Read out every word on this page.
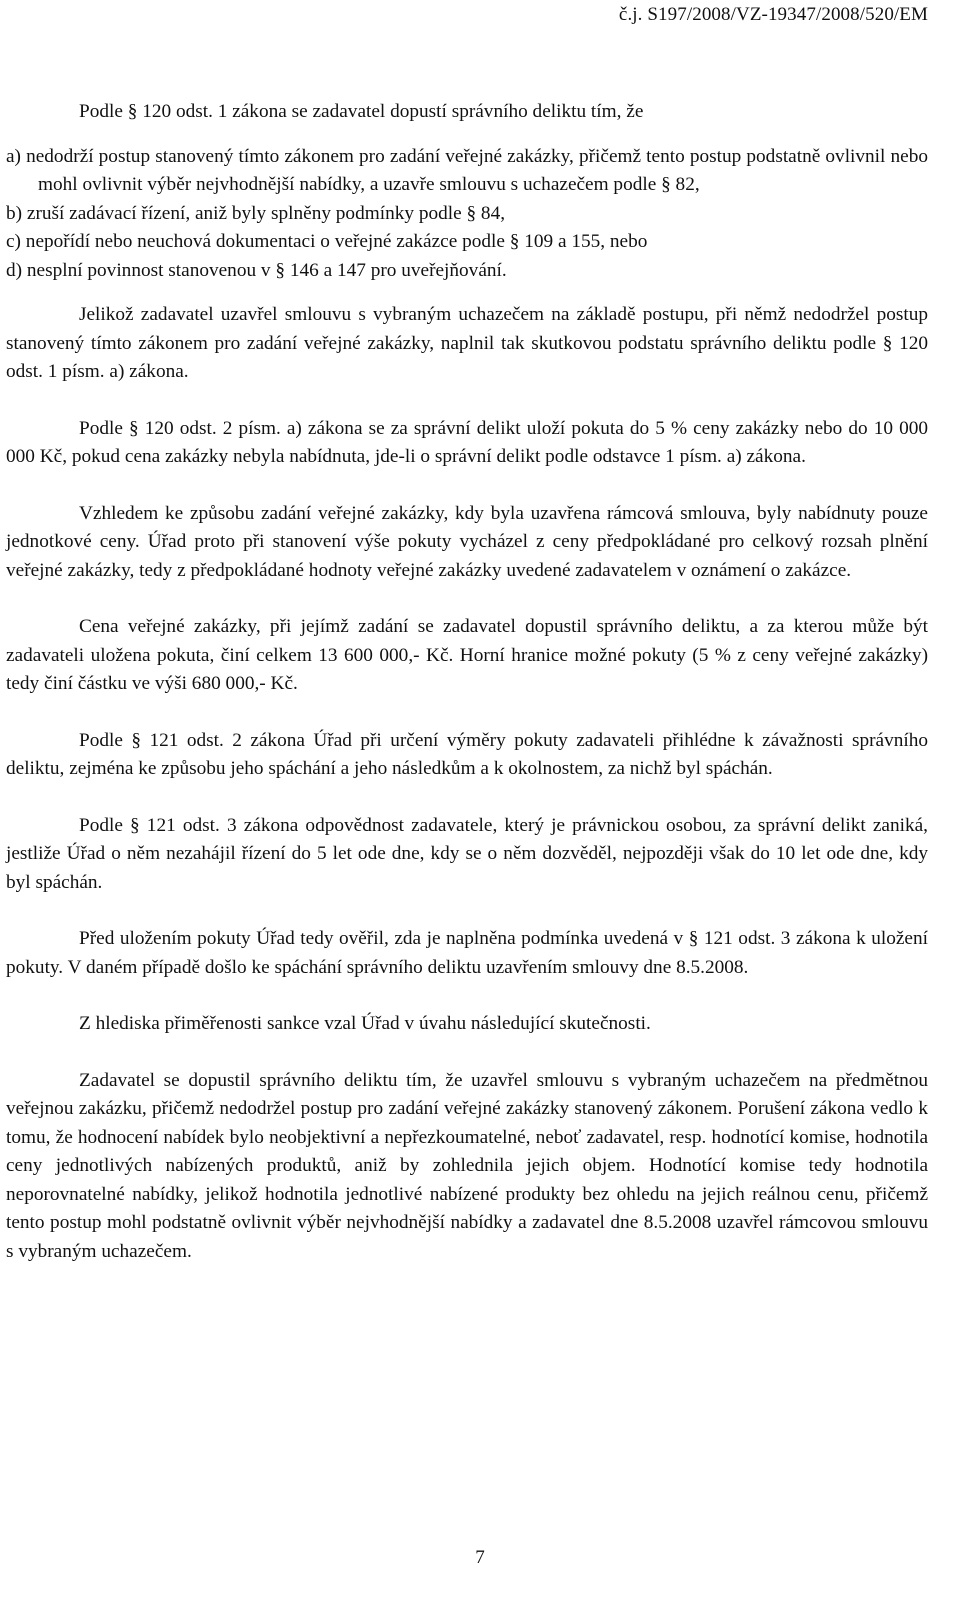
č.j. S197/2008/VZ-19347/2008/520/EM

Podle § 120 odst. 1 zákona se zadavatel dopustí správního deliktu tím, že

a) nedodrží postup stanovený tímto zákonem pro zadání veřejné zakázky, přičemž tento postup podstatně ovlivnil nebo mohl ovlivnit výběr nejvhodnější nabídky, a uzavře smlouvu s uchazečem podle § 82,

b) zruší zadávací řízení, aniž byly splněny podmínky podle § 84,

c) nepořídí nebo neuchová dokumentaci o veřejné zakázce podle § 109 a 155, nebo

d) nesplní povinnost stanovenou v § 146 a 147 pro uveřejňování.

Jelikož zadavatel uzavřel smlouvu s vybraným uchazečem na základě postupu, při němž nedodržel postup stanovený tímto zákonem pro zadání veřejné zakázky, naplnil tak skutkovou podstatu správního deliktu podle § 120 odst. 1 písm. a) zákona.

Podle § 120 odst. 2 písm. a) zákona se za správní delikt uloží pokuta do 5 % ceny zakázky nebo do 10 000 000 Kč, pokud cena zakázky nebyla nabídnuta, jde-li o správní delikt podle odstavce 1 písm. a) zákona.

Vzhledem ke způsobu zadání veřejné zakázky, kdy byla uzavřena rámcová smlouva, byly nabídnuty pouze jednotkové ceny. Úřad proto při stanovení výše pokuty vycházel z ceny předpokládané pro celkový rozsah plnění veřejné zakázky, tedy z předpokládané hodnoty veřejné zakázky uvedené zadavatelem v oznámení o zakázce.

Cena veřejné zakázky, při jejímž zadání se zadavatel dopustil správního deliktu, a za kterou může být zadavateli uložena pokuta, činí celkem 13 600 000,- Kč. Horní hranice možné pokuty (5 % z ceny veřejné zakázky) tedy činí částku ve výši 680 000,- Kč.

Podle § 121 odst. 2 zákona Úřad při určení výměry pokuty zadavateli přihlédne k závažnosti správního deliktu, zejména ke způsobu jeho spáchání a jeho následkům a k okolnostem, za nichž byl spáchán.

Podle § 121 odst. 3 zákona odpovědnost zadavatele, který je právnickou osobou, za správní delikt zaniká, jestliže Úřad o něm nezahájil řízení do 5 let ode dne, kdy se o něm dozvěděl, nejpozději však do 10 let ode dne, kdy byl spáchán.

Před uložením pokuty Úřad tedy ověřil, zda je naplněna podmínka uvedená v § 121 odst. 3 zákona k uložení pokuty. V daném případě došlo ke spáchání správního deliktu uzavřením smlouvy dne 8.5.2008.

Z hlediska přiměřenosti sankce vzal Úřad v úvahu následující skutečnosti.

Zadavatel se dopustil správního deliktu tím, že uzavřel smlouvu s vybraným uchazečem na předmětnou veřejnou zakázku, přičemž nedodržel postup pro zadání veřejné zakázky stanovený zákonem. Porušení zákona vedlo k tomu, že hodnocení nabídek bylo neobjektivní a nepřezkoumatelné, neboť zadavatel, resp. hodnotící komise, hodnotila ceny jednotlivých nabízených produktů, aniž by zohlednila jejich objem. Hodnotící komise tedy hodnotila neporovnatelné nabídky, jelikož hodnotila jednotlivé nabízené produkty bez ohledu na jejich reálnou cenu, přičemž tento postup mohl podstatně ovlivnit výběr nejvhodnější nabídky a zadavatel dne 8.5.2008 uzavřel rámcovou smlouvu s vybraným uchazečem.

7
